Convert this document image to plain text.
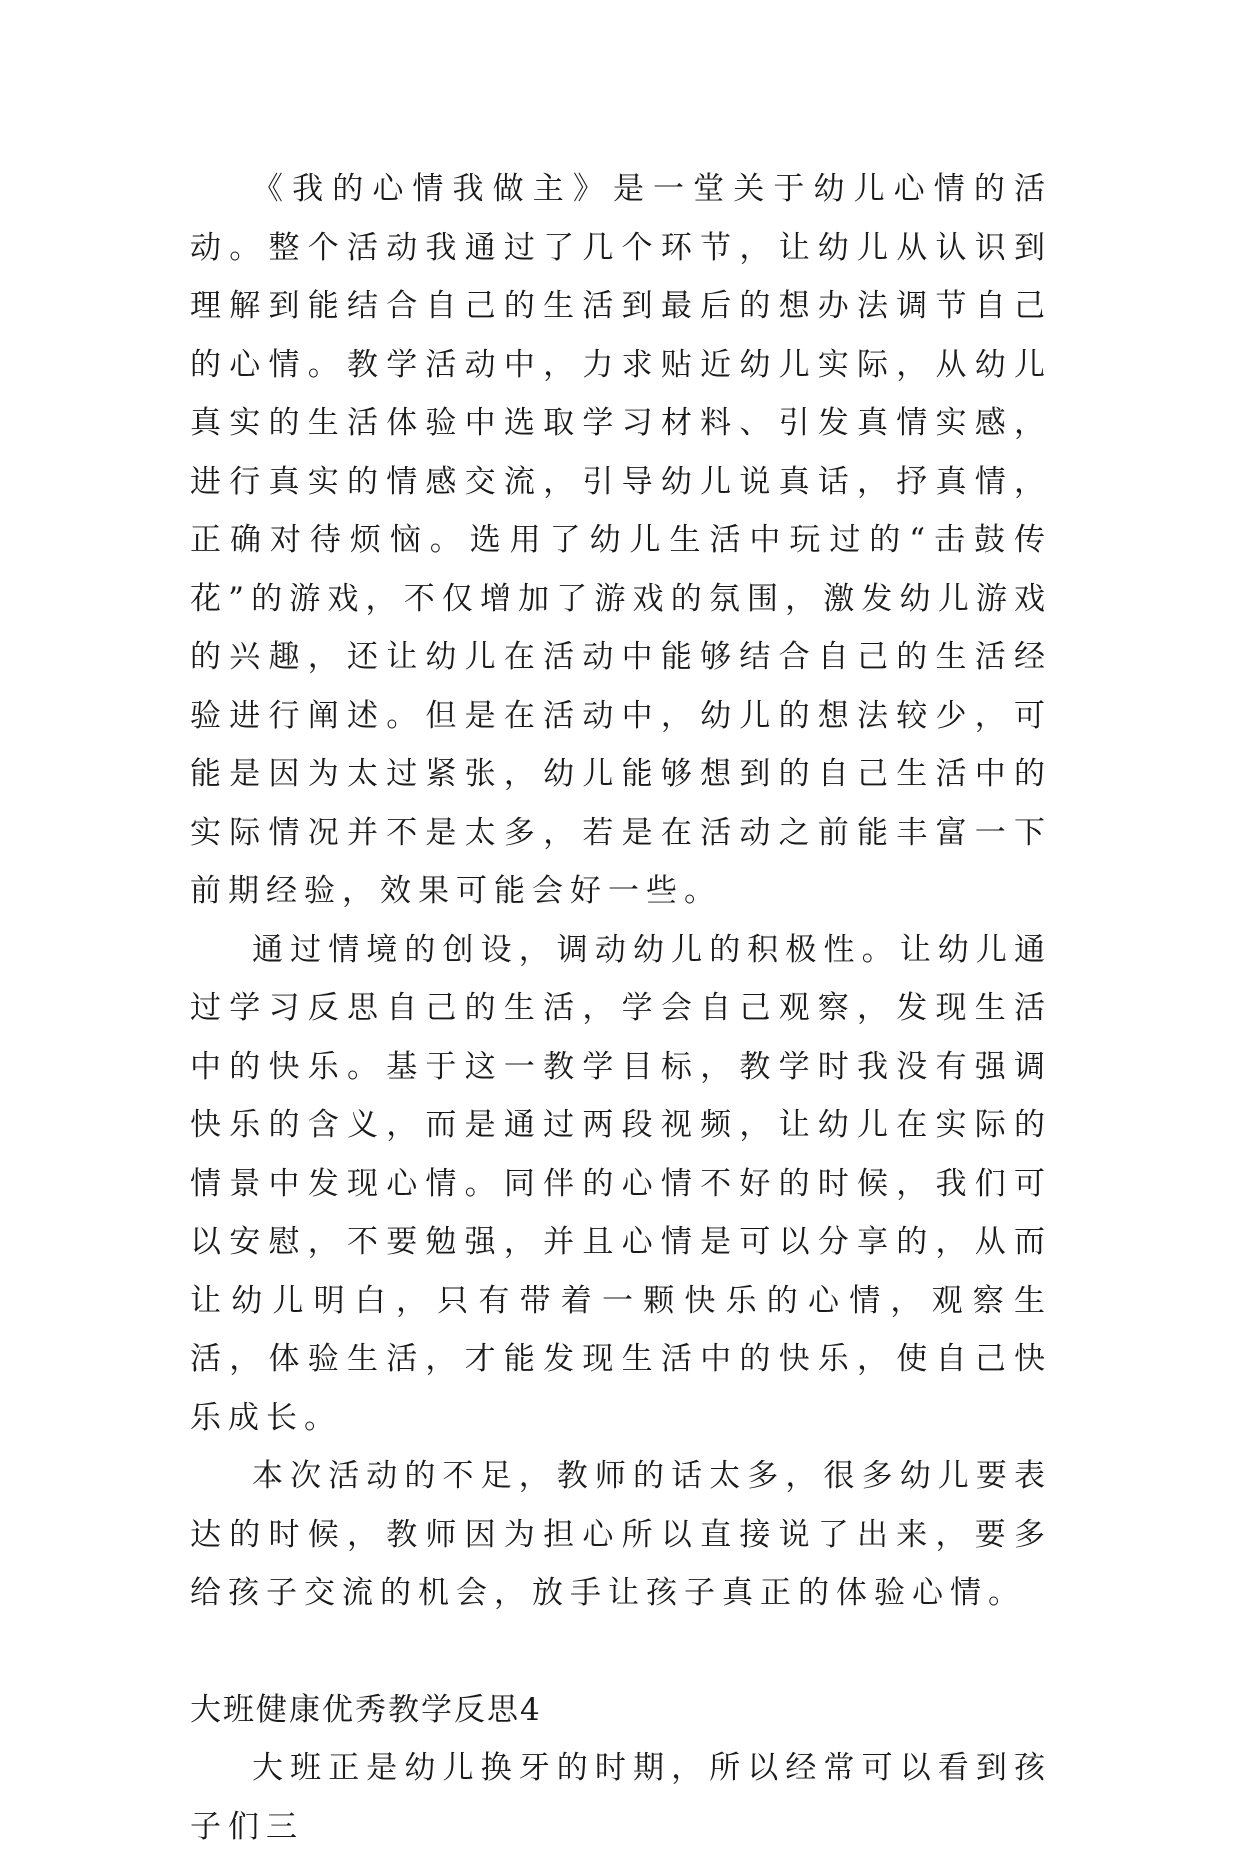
《我的心情我做主》是一堂关于幼儿心情的活动。整个活动我通过了几个环节，让幼儿从认识到理解到能结合自己的生活到最后的想办法调节自己的心情。教学活动中，力求贴近幼儿实际，从幼儿真实的生活体验中选取学习材料、引发真情实感，进行真实的情感交流，引导幼儿说真话，抒真情，正确对待烦恼。选用了幼儿生活中玩过的“击鼓传花”的游戏，不仅增加了游戏的氛围，激发幼儿游戏的兴趣，还让幼儿在活动中能够结合自己的生活经验进行阐述。但是在活动中，幼儿的想法较少，可能是因为太过紧张，幼儿能够想到的自己生活中的实际情况并不是太多，若是在活动之前能丰富一下前期经验，效果可能会好一些。

通过情境的创设，调动幼儿的积极性。让幼儿通过学习反思自己的生活，学会自己观察，发现生活中的快乐。基于这一教学目标，教学时我没有强调快乐的含义，而是通过两段视频，让幼儿在实际的情景中发现心情。同伴的心情不好的时候，我们可以安慰，不要勉强，并且心情是可以分享的，从而让幼儿明白，只有带着一颗快乐的心情，观察生活，体验生活，才能发现生活中的快乐，使自己快乐成长。

本次活动的不足，教师的话太多，很多幼儿要表达的时候，教师因为担心所以直接说了出来，要多给孩子交流的机会，放手让孩子真正的体验心情。

大班健康优秀教学反思4

大班正是幼儿换牙的时期，所以经常可以看到孩子们三
